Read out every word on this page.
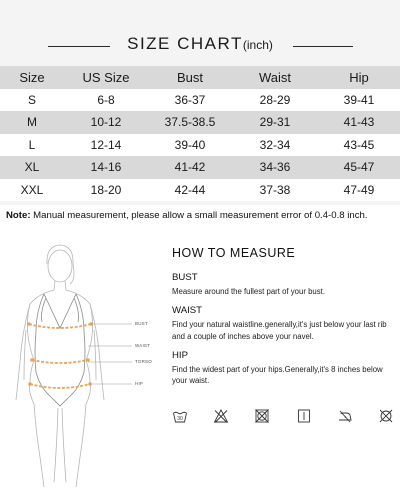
SIZE CHART(inch)
Size	US Size	Bust	Waist	Hip
S	6-8	36-37	28-29	39-41
M	10-12	37.5-38.5	29-31	41-43
L	12-14	39-40	32-34	43-45
XL	14-16	41-42	34-36	45-47
XXL	18-20	42-44	37-38	47-49
Note: Manual measurement, please allow a small measurement error of 0.4-0.8 inch.
BUST
WAIST
TORSO
HIP
HOW TO MEASURE
BUST
Measure around the fullest part of your bust.
WAIST
Find your natural waistline.generally,it's just below your last rib and a couple of inches above your navel.
HIP
Find the widest part of your hips.Generally,it's 8 inches below your waist.
30
